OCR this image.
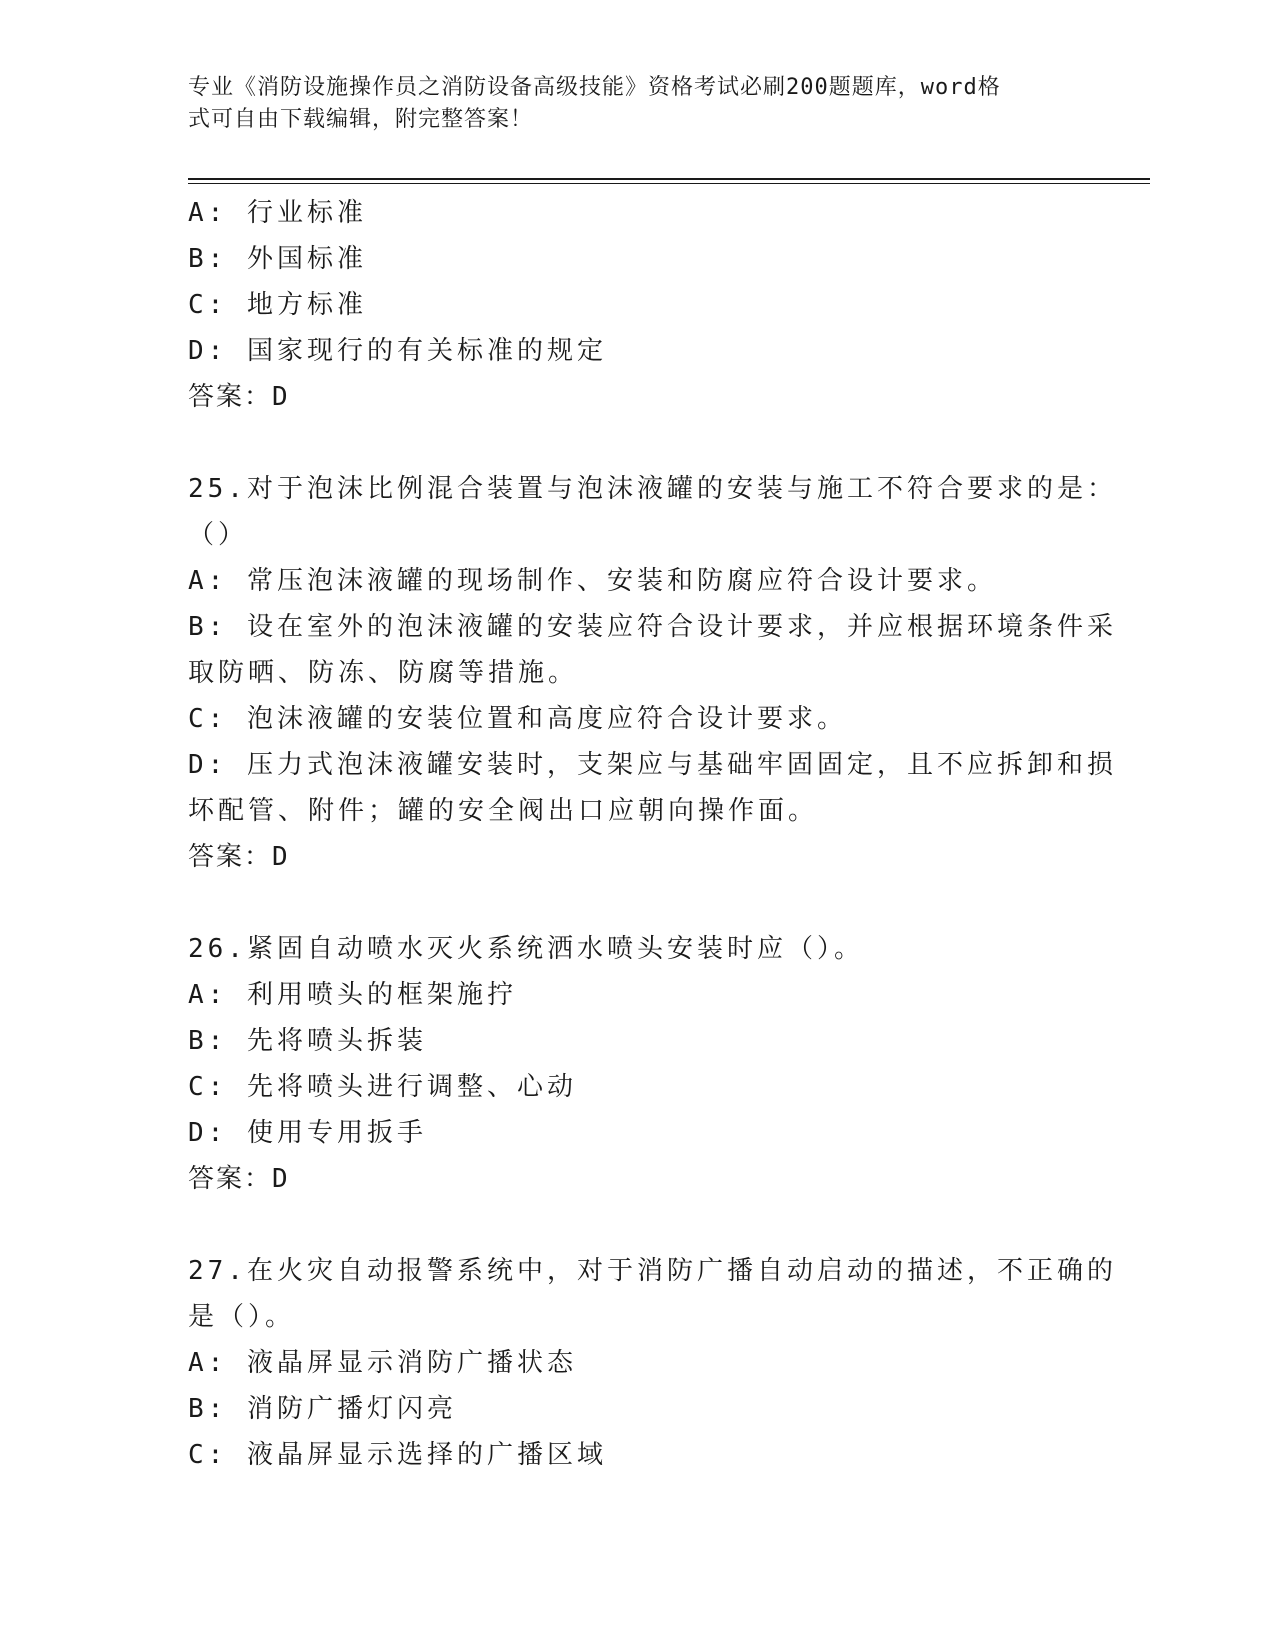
专业《消防设施操作员之消防设备高级技能》资格考试必刷200题题库，word格
式可自由下载编辑，附完整答案！
A: 行业标准
B: 外国标准
C: 地方标准
D: 国家现行的有关标准的规定
答案：D
25.对于泡沫比例混合装置与泡沫液罐的安装与施工不符合要求的是：
（）
A: 常压泡沫液罐的现场制作、安装和防腐应符合设计要求。
B: 设在室外的泡沫液罐的安装应符合设计要求，并应根据环境条件采
取防晒、防冻、防腐等措施。
C: 泡沫液罐的安装位置和高度应符合设计要求。
D: 压力式泡沫液罐安装时，支架应与基础牢固固定，且不应拆卸和损
坏配管、附件；罐的安全阀出口应朝向操作面。
答案：D
26.紧固自动喷水灭火系统洒水喷头安装时应（）。
A: 利用喷头的框架施拧
B: 先将喷头拆装
C: 先将喷头进行调整、心动
D: 使用专用扳手
答案：D
27.在火灾自动报警系统中，对于消防广播自动启动的描述，不正确的
是（）。
A: 液晶屏显示消防广播状态
B: 消防广播灯闪亮
C: 液晶屏显示选择的广播区域
